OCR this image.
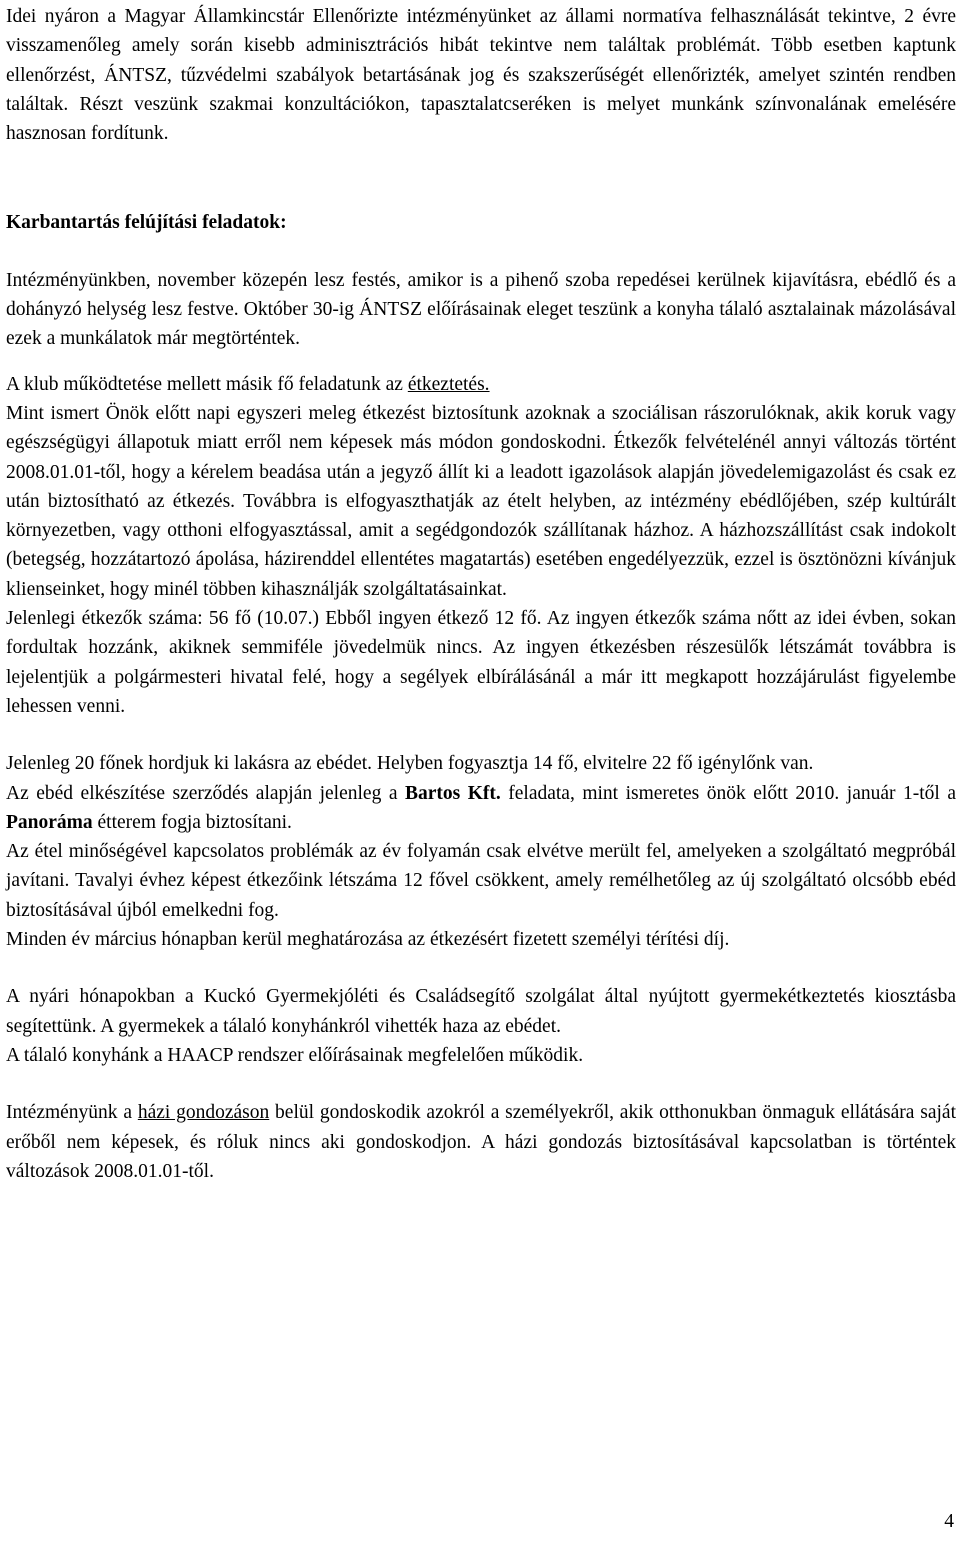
Idei nyáron a Magyar Államkincstár Ellenőrizte intézményünket az állami normatíva felhasználását tekintve, 2 évre visszamenőleg amely során kisebb adminisztrációs hibát tekintve nem találtak problémát. Több esetben kaptunk ellenőrzést, ÁNTSZ, tűzvédelmi szabályok betartásának jog és szakszerűségét ellenőrizték, amelyet szintén rendben találtak. Részt veszünk szakmai konzultációkon, tapasztalatcseréken is melyet munkánk színvonalának emelésére hasznosan fordítunk.

Karbantartás felújítási feladatok:

Intézményünkben, november közepén lesz festés, amikor is a pihenő szoba repedései kerülnek kijavításra, ebédlő és a dohányzó helység lesz festve. Október 30-ig ÁNTSZ előírásainak eleget teszünk a konyha tálaló asztalainak mázolásával ezek a munkálatok már megtörténtek.

A klub működtetése mellett másik fő feladatunk az étkeztetés.

Mint ismert Önök előtt napi egyszeri meleg étkezést biztosítunk azoknak a szociálisan rászorulóknak, akik koruk vagy egészségügyi állapotuk miatt erről nem képesek más módon gondoskodni. Étkezők felvételénél annyi változás történt 2008.01.01-től, hogy a kérelem beadása után a jegyző állít ki a leadott igazolások alapján jövedelemigazolást és csak ez után biztosítható az étkezés. Továbbra is elfogyaszthatják az ételt helyben, az intézmény ebédlőjében, szép kultúrált környezetben, vagy otthoni elfogyasztással, amit a segédgondozók szállítanak házhoz. A házhozszállítást csak indokolt (betegség, hozzátartozó ápolása, házirenddel ellentétes magatartás) esetében engedélyezzük, ezzel is ösztönözni kívánjuk klienseinket, hogy minél többen kihasználják szolgáltatásainkat.

Jelenlegi étkezők száma: 56 fő (10.07.) Ebből ingyen étkező 12 fő. Az ingyen étkezők száma nőtt az idei évben, sokan fordultak hozzánk, akiknek semmiféle jövedelmük nincs. Az ingyen étkezésben részesülők létszámát továbbra is lejelentjük a polgármesteri hivatal felé, hogy a segélyek elbírálásánál a már itt megkapott hozzájárulást figyelembe lehessen venni.

Jelenleg 20 főnek hordjuk ki lakásra az ebédet. Helyben fogyasztja 14 fő, elvitelre 22 fő igénylőnk van.

Az ebéd elkészítése szerződés alapján jelenleg a Bartos Kft. feladata, mint ismeretes önök előtt 2010. január 1-től a Panoráma étterem fogja biztosítani.

Az étel minőségével kapcsolatos problémák az év folyamán csak elvétve merült fel, amelyeken a szolgáltató megpróbál javítani. Tavalyi évhez képest étkezőink létszáma 12 fővel csökkent, amely remélhetőleg az új szolgáltató olcsóbb ebéd biztosításával újból emelkedni fog.

Minden év március hónapban kerül meghatározása az étkezésért fizetett személyi térítési díj.

A nyári hónapokban a Kuckó Gyermekjóléti és Családsegítő szolgálat által nyújtott gyermekétkeztetés kiosztásba segítettünk. A gyermekek a tálaló konyhánkról vihették haza az ebédet.

A tálaló konyhánk a HAACP rendszer előírásainak megfelelően működik.

Intézményünk a házi gondozáson belül gondoskodik azokról a személyekről, akik otthonukban önmaguk ellátására saját erőből nem képesek, és róluk nincs aki gondoskodjon. A házi gondozás biztosításával kapcsolatban is történtek változások 2008.01.01-től.

4
